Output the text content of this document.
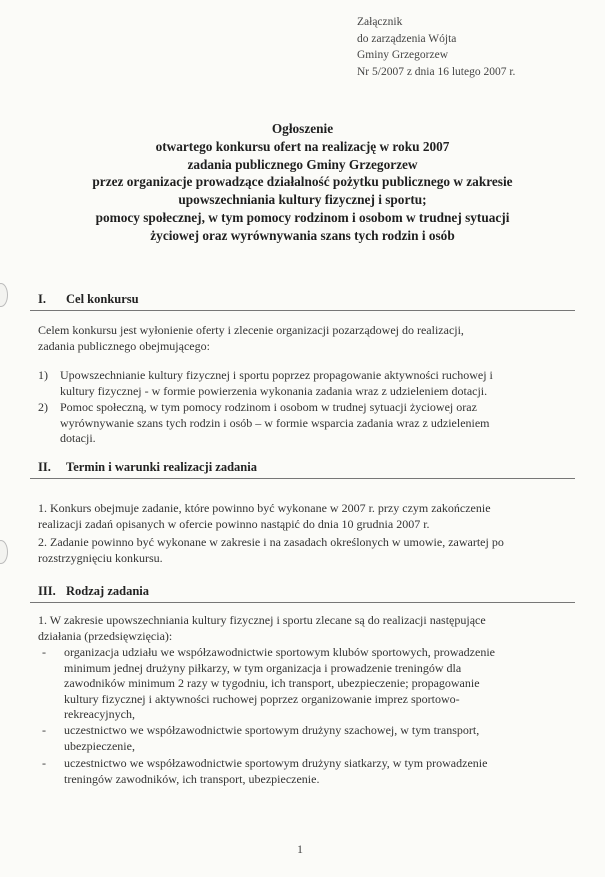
Załącznik
do zarządzenia Wójta
Gminy Grzegorzew
Nr 5/2007 z dnia 16 lutego 2007 r.
Ogłoszenie
otwartego konkursu ofert na realizację w roku 2007
zadania publicznego Gminy Grzegorzew
przez organizacje prowadzące działalność pożytku publicznego w zakresie
upowszechniania kultury fizycznej i sportu;
pomocy społecznej, w tym pomocy rodzinom i osobom w trudnej sytuacji
życiowej oraz wyrównywania szans tych rodzin i osób
I. Cel konkursu
Celem konkursu jest wyłonienie oferty i zlecenie organizacji pozarządowej do realizacji,
zadania publicznego obejmującego:
1)	Upowszechnianie kultury fizycznej i sportu poprzez propagowanie aktywności ruchowej i
kultury fizycznej - w formie powierzenia wykonania zadania wraz z udzieleniem dotacji.
2)	Pomoc społeczną, w tym pomocy rodzinom i osobom w trudnej sytuacji życiowej oraz
wyrównywanie szans tych rodzin i osób – w formie wsparcia zadania wraz z udzieleniem
dotacji.
II. Termin i warunki realizacji zadania
1. Konkurs obejmuje zadanie, które powinno być wykonane w 2007 r. przy czym zakończenie
realizacji zadań opisanych w ofercie powinno nastąpić do dnia 10 grudnia 2007 r.
2. Zadanie powinno być wykonane w zakresie i na zasadach określonych w umowie, zawartej po
rozstrzygnięciu konkursu.
III. Rodzaj zadania
1. W zakresie upowszechniania kultury fizycznej i sportu zlecane są do realizacji następujące
działania (przedsięwzięcia):
- organizacja udziału we współzawodnictwie sportowym klubów sportowych, prowadzenie
minimum jednej drużyny piłkarzy, w tym organizacja i prowadzenie treningów dla
zawodników minimum 2 razy w tygodniu, ich transport, ubezpieczenie; propagowanie
kultury fizycznej i aktywności ruchowej poprzez organizowanie imprez sportowo-
rekreacyjnych,
- uczestnictwo we współzawodnictwie sportowym drużyny szachowej, w tym transport,
ubezpieczenie,
- uczestnictwo we współzawodnictwie sportowym drużyny siatkarzy, w tym prowadzenie
treningów zawodników, ich transport, ubezpieczenie.
1
